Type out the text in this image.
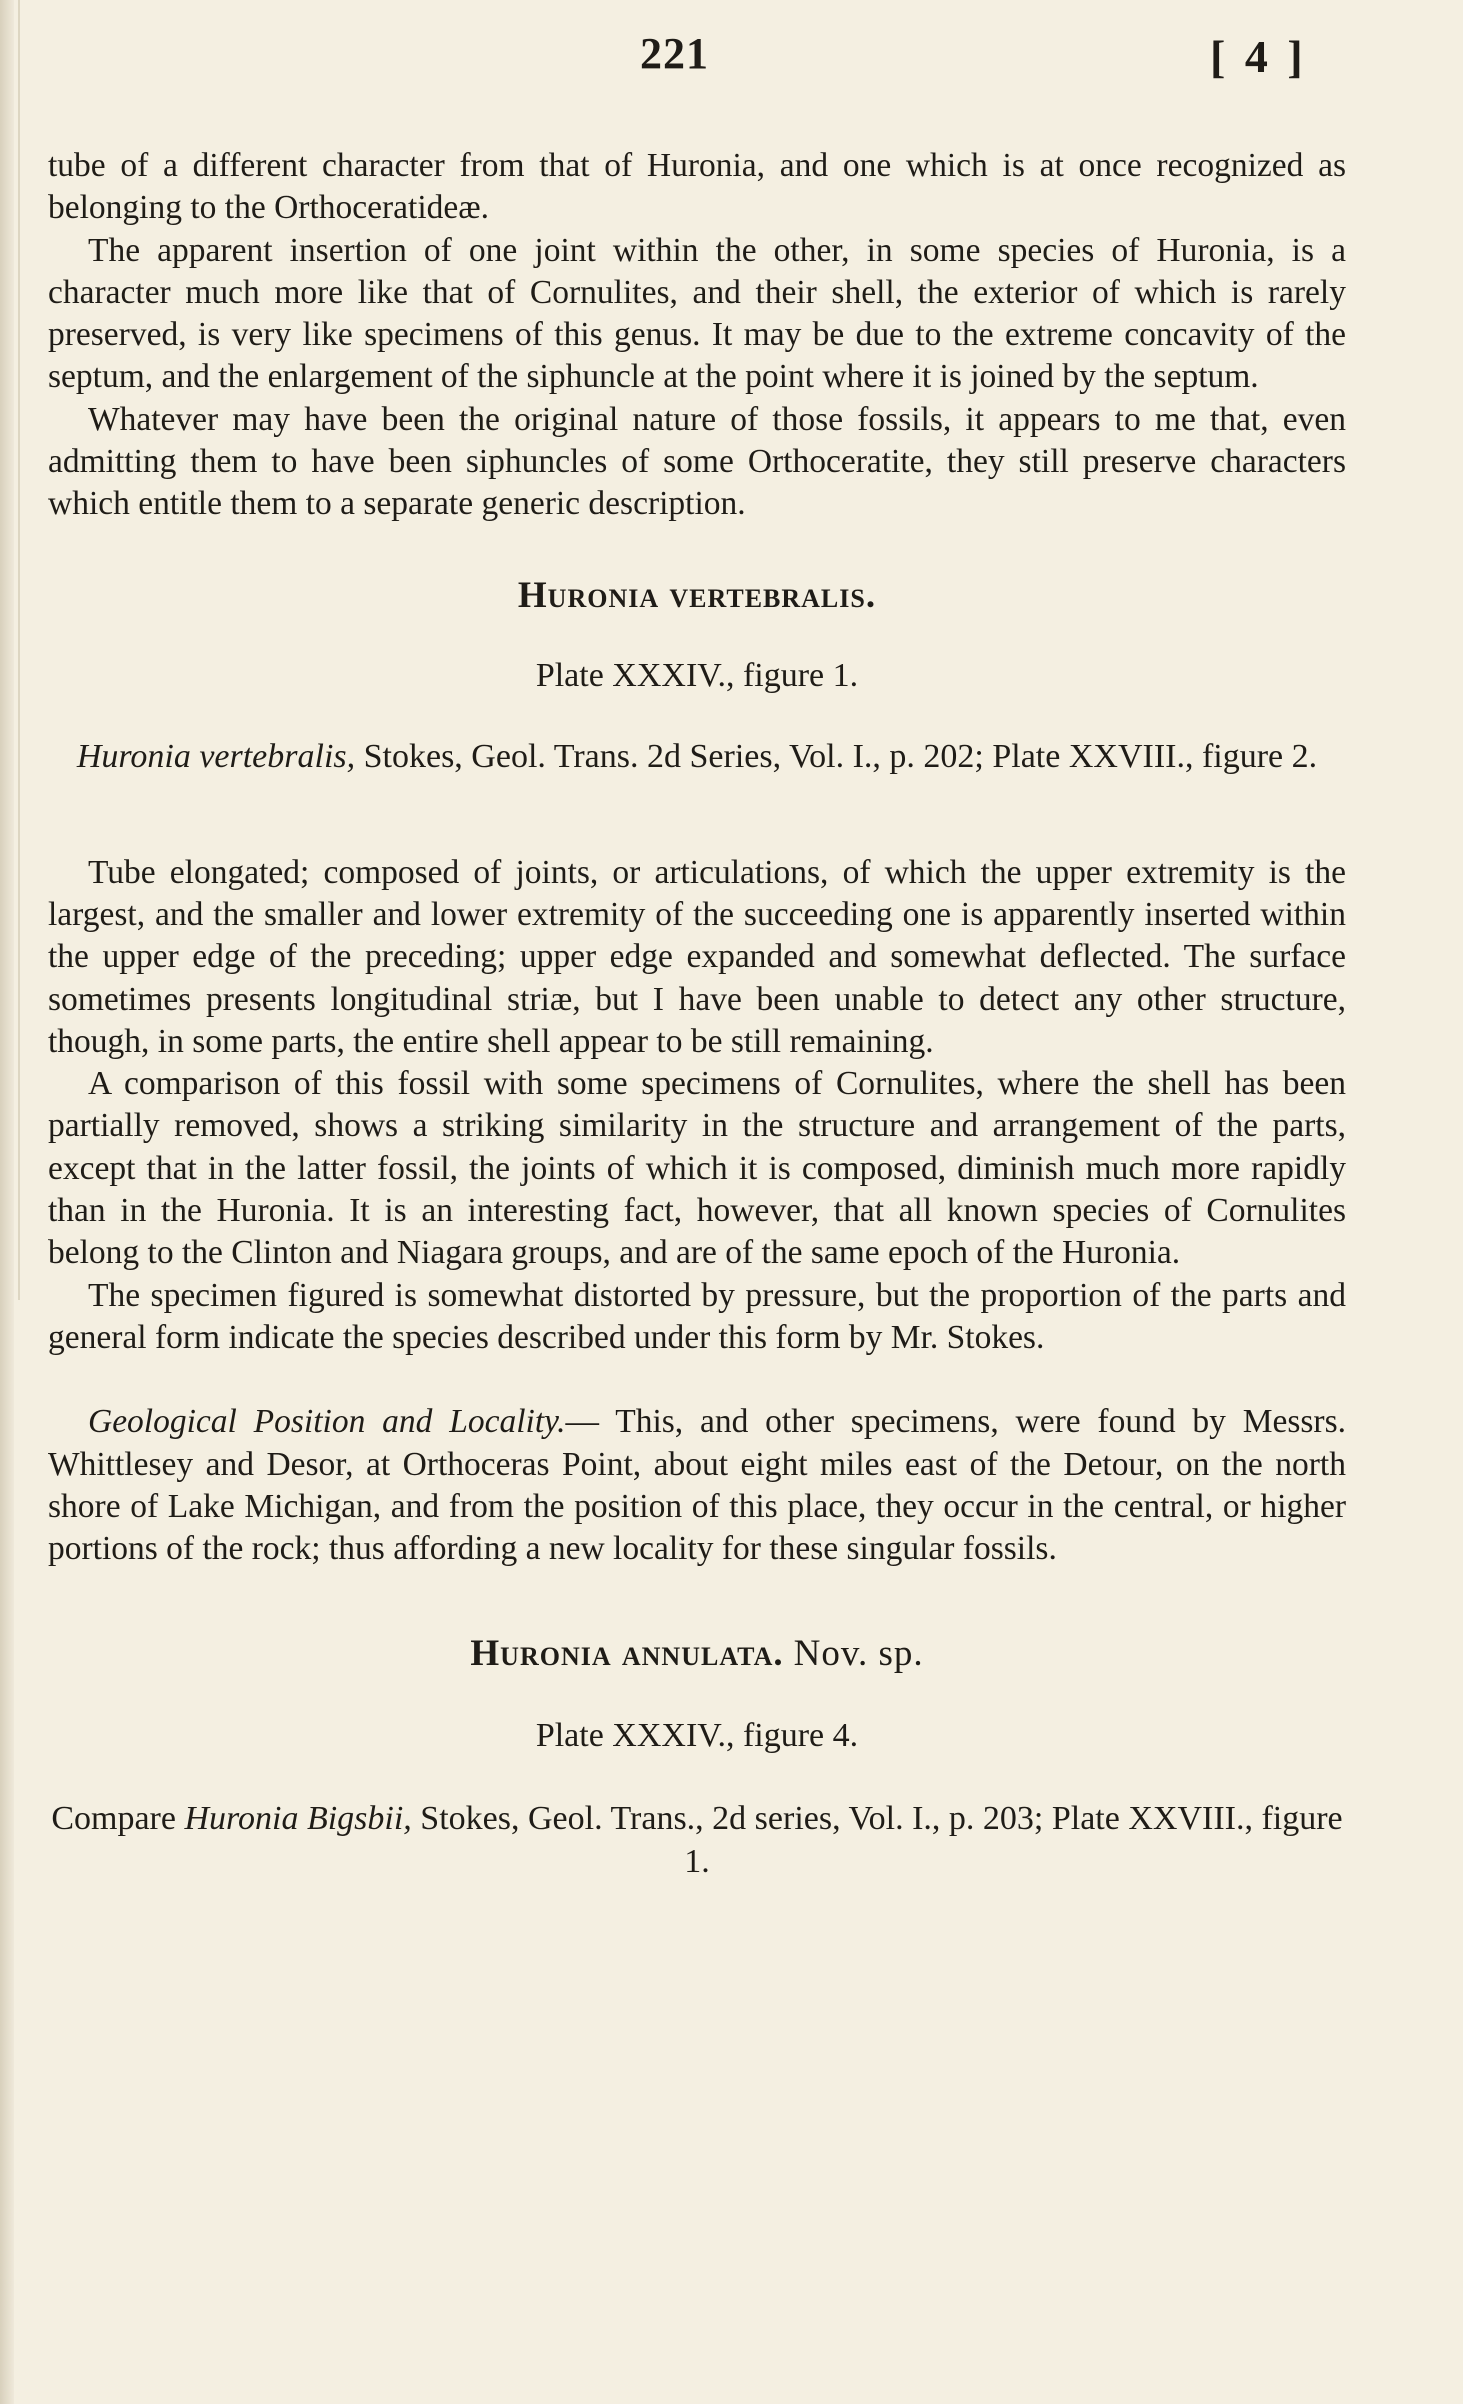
221	[ 4 ]

tube of a different character from that of Huronia, and one which is at once recognized as belonging to the Orthoceratideæ.

The apparent insertion of one joint within the other, in some species of Huronia, is a character much more like that of Cornulites, and their shell, the exterior of which is rarely preserved, is very like specimens of this genus. It may be due to the extreme concavity of the septum, and the enlargement of the siphuncle at the point where it is joined by the septum.

Whatever may have been the original nature of those fossils, it appears to me that, even admitting them to have been siphuncles of some Orthoceratite, they still preserve characters which entitle them to a separate generic description.

Huronia vertebralis.
Plate XXXIV., figure 1.
Huronia vertebralis, Stokes, Geol. Trans. 2d Series, Vol. I., p. 202; Plate XXVIII., figure 2.

Tube elongated; composed of joints, or articulations, of which the upper extremity is the largest, and the smaller and lower extremity of the succeeding one is apparently inserted within the upper edge of the preceding; upper edge expanded and somewhat deflected. The surface sometimes presents longitudinal striæ, but I have been unable to detect any other structure, though, in some parts, the entire shell appear to be still remaining.

A comparison of this fossil with some specimens of Cornulites, where the shell has been partially removed, shows a striking similarity in the structure and arrangement of the parts, except that in the latter fossil, the joints of which it is composed, diminish much more rapidly than in the Huronia. It is an interesting fact, however, that all known species of Cornulites belong to the Clinton and Niagara groups, and are of the same epoch of the Huronia.

The specimen figured is somewhat distorted by pressure, but the proportion of the parts and general form indicate the species described under this form by Mr. Stokes.

Geological Position and Locality.— This, and other specimens, were found by Messrs. Whittlesey and Desor, at Orthoceras Point, about eight miles east of the Detour, on the north shore of Lake Michigan, and from the position of this place, they occur in the central, or higher portions of the rock; thus affording a new locality for these singular fossils.

Huronia annulata. Nov. sp.
Plate XXXIV., figure 4.
Compare Huronia Bigsbii, Stokes, Geol. Trans., 2d series, Vol. I., p. 203; Plate XXVIII., figure 1.
